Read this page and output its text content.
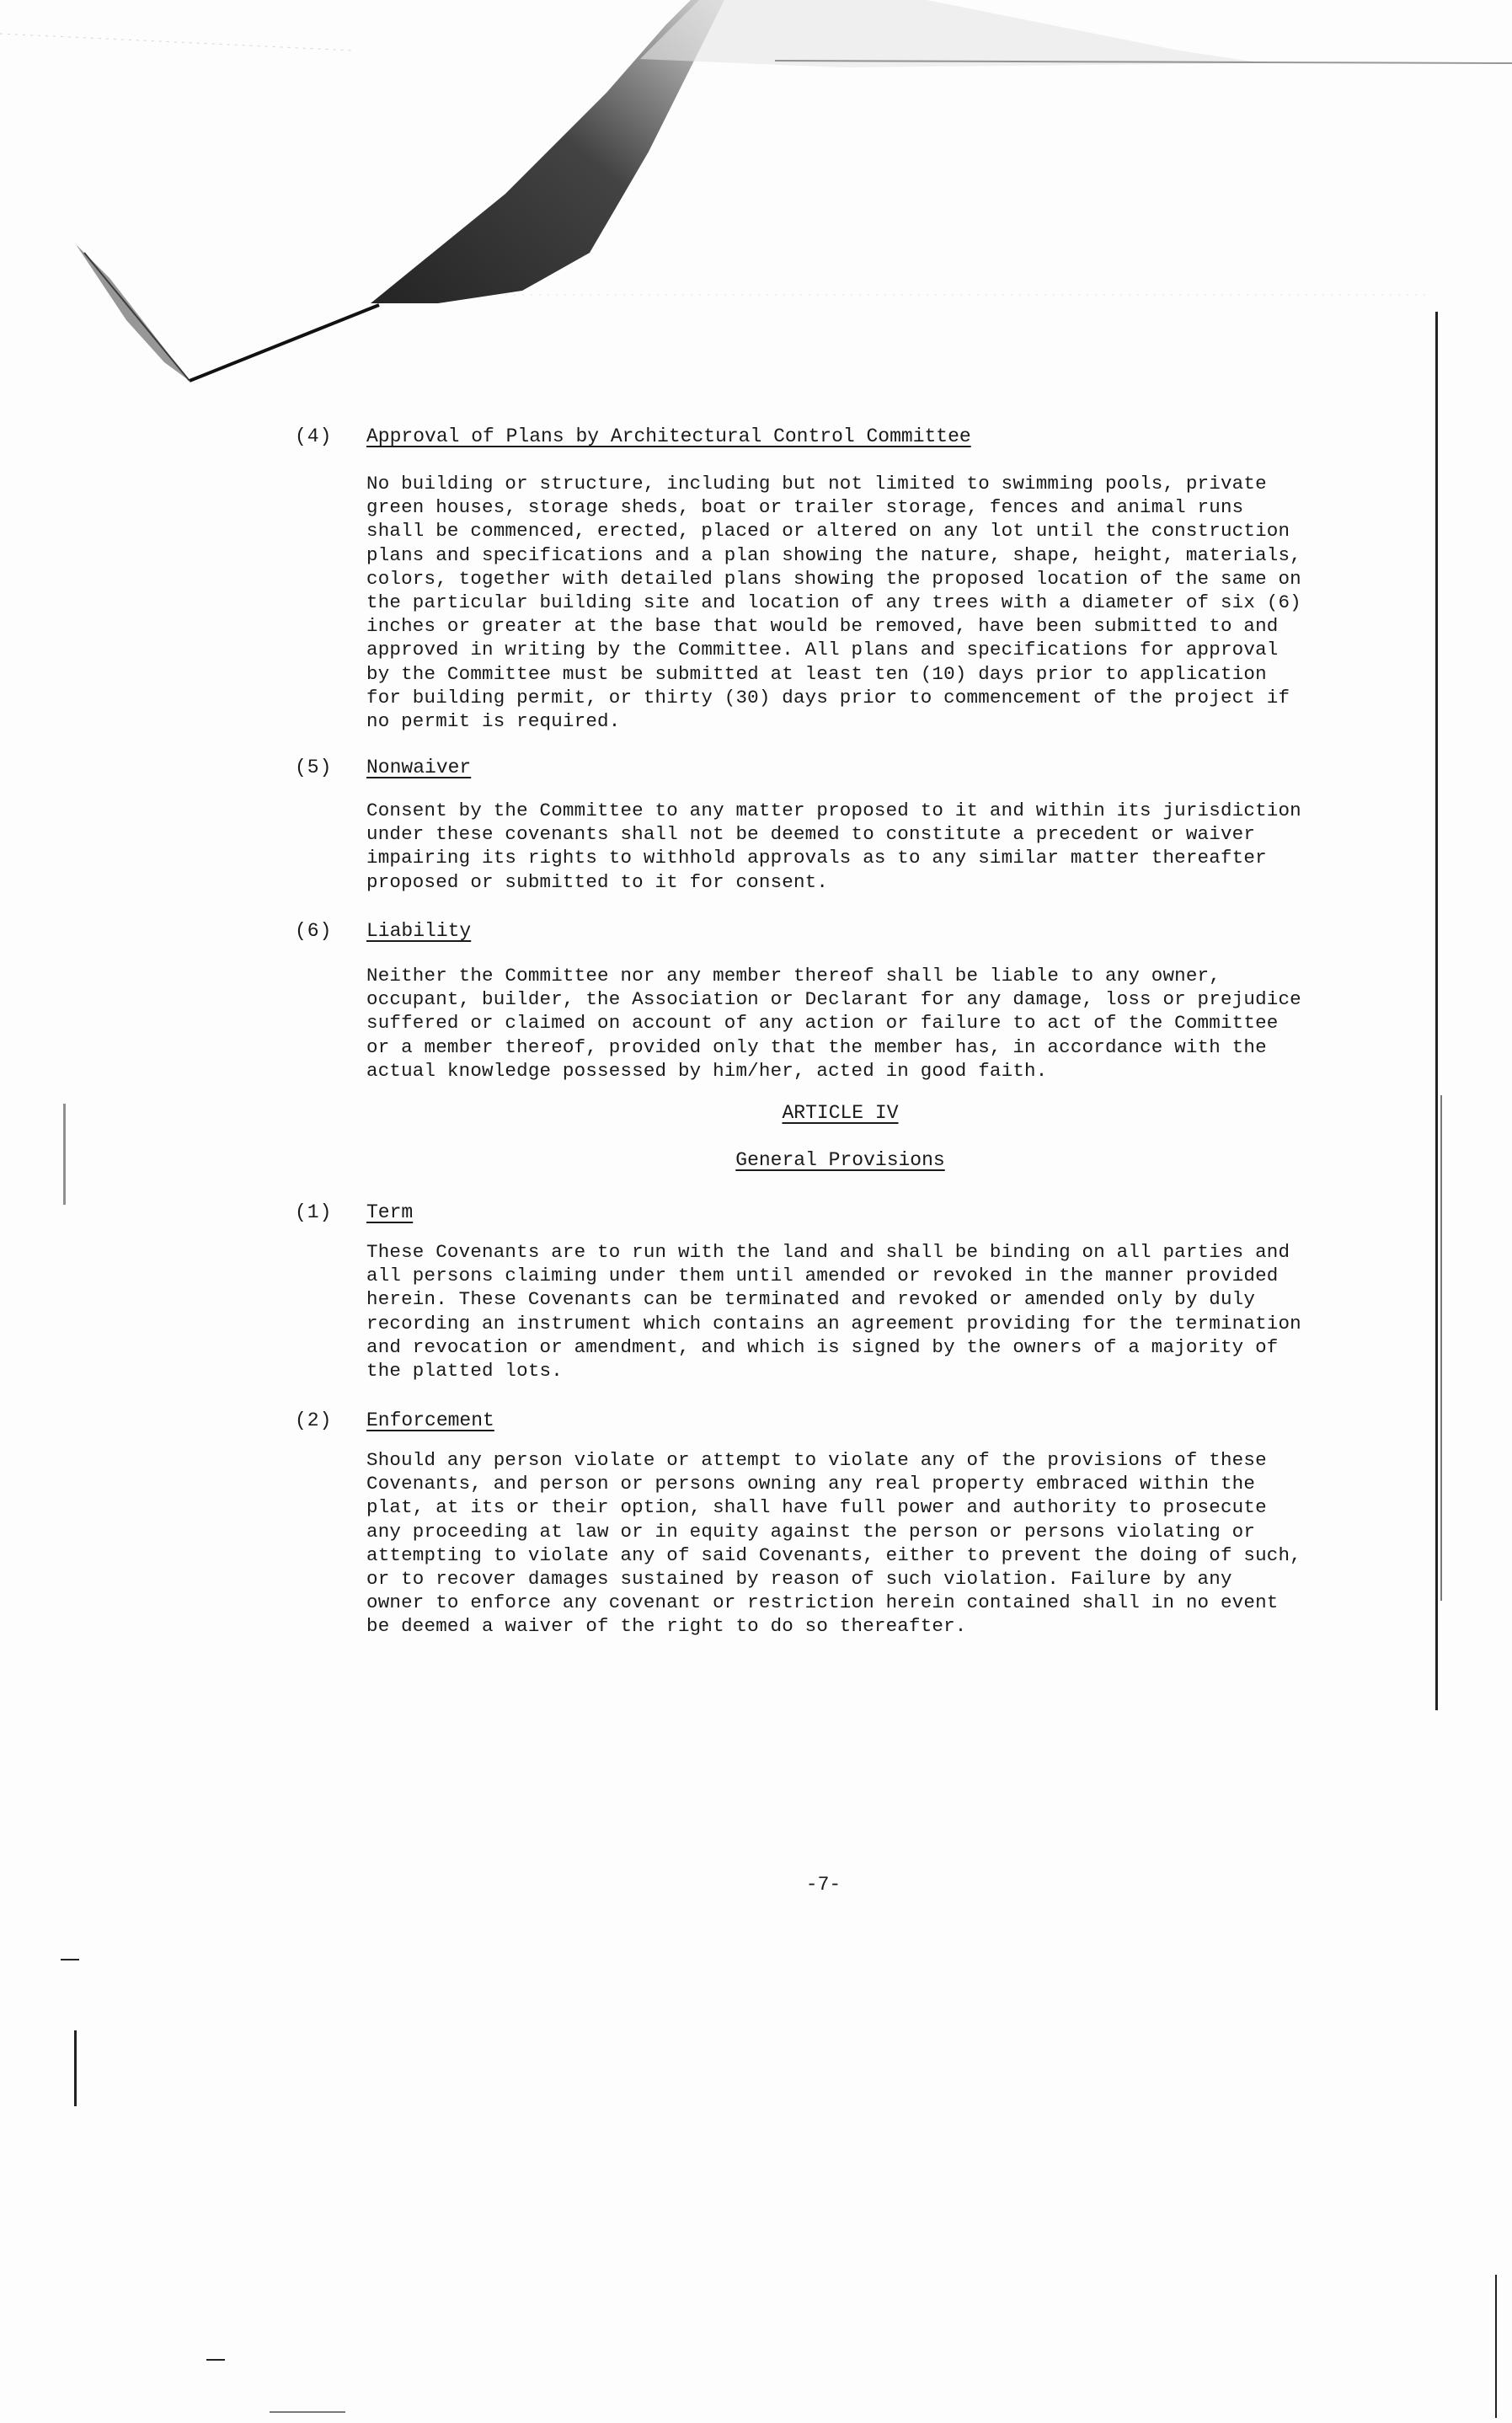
(4)	Approval of Plans by Architectural Control Committee
No building or structure, including but not limited to swimming pools, private
green houses, storage sheds, boat or trailer storage, fences and animal runs
shall be commenced, erected, placed or altered on any lot until the construction
plans and specifications and a plan showing the nature, shape, height, materials,
colors, together with detailed plans showing the proposed location of the same on
the particular building site and location of any trees with a diameter of six (6)
inches or greater at the base that would be removed, have been submitted to and
approved in writing by the Committee. All plans and specifications for approval
by the Committee must be submitted at least ten (10) days prior to application
for building permit, or thirty (30) days prior to commencement of the project if
no permit is required.
(5)	Nonwaiver
Consent by the Committee to any matter proposed to it and within its jurisdiction
under these covenants shall not be deemed to constitute a precedent or waiver
impairing its rights to withhold approvals as to any similar matter thereafter
proposed or submitted to it for consent.
(6)	Liability
Neither the Committee nor any member thereof shall be liable to any owner,
occupant, builder, the Association or Declarant for any damage, loss or prejudice
suffered or claimed on account of any action or failure to act of the Committee
or a member thereof, provided only that the member has, in accordance with the
actual knowledge possessed by him/her, acted in good faith.
ARTICLE IV
General Provisions
(1)	Term
These Covenants are to run with the land and shall be binding on all parties and
all persons claiming under them until amended or revoked in the manner provided
herein. These Covenants can be terminated and revoked or amended only by duly
recording an instrument which contains an agreement providing for the termination
and revocation or amendment, and which is signed by the owners of a majority of
the platted lots.
(2)	Enforcement
Should any person violate or attempt to violate any of the provisions of these
Covenants, and person or persons owning any real property embraced within the
plat, at its or their option, shall have full power and authority to prosecute
any proceeding at law or in equity against the person or persons violating or
attempting to violate any of said Covenants, either to prevent the doing of such,
or to recover damages sustained by reason of such violation. Failure by any
owner to enforce any covenant or restriction herein contained shall in no event
be deemed a waiver of the right to do so thereafter.
-7-
